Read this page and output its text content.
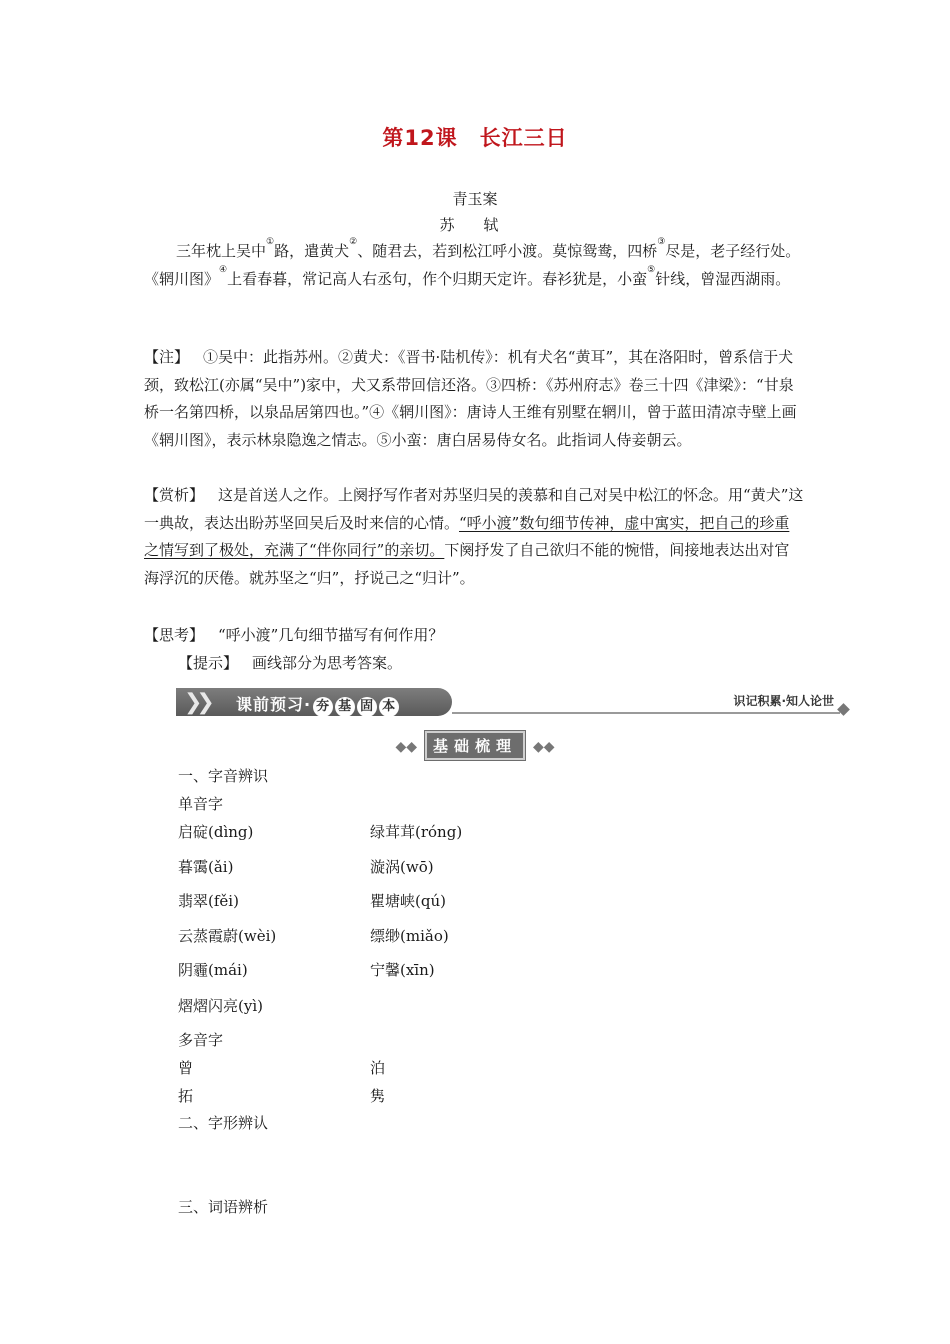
第12课 长江三日
青玉案
苏 轼
三年枕上吴中①路，遣黄犬②、随君去，若到松江呼小渡。莫惊鸳鸯，四桥③尽是，老子经行处。《辋川图》④上看春暮，常记高人右丞句，作个归期天定许。春衫犹是，小蛮⑤针线，曾湿西湖雨。
【注】 ①吴中：此指苏州。②黄犬：《晋书·陆机传》：机有犬名“黄耳”，其在洛阳时，曾系信于犬颈，致松江(亦属“吴中”)家中，犬又系带回信还洛。③四桥：《苏州府志》卷三十四《津梁》：“甘泉桥一名第四桥，以泉品居第四也。”④《辋川图》：唐诗人王维有别墅在辋川，曾于蓝田清凉寺壁上画《辋川图》，表示林泉隐逸之情志。⑤小蛮：唐白居易侍女名。此指词人侍妾朝云。
【赏析】 这是首送人之作。上阕抒写作者对苏坚归吴的羡慕和自己对吴中松江的怀念。用“黄犬”这一典故，表达出盼苏坚回吴后及时来信的心情。“呼小渡”数句细节传神，虚中寓实，把自己的珍重之情写到了极处，充满了“伴你同行”的亲切。下阕抒发了自己欲归不能的惋惜，间接地表达出对官海浮沉的厌倦。就苏坚之“归”，抒说己之“归计”。
【思考】 “呼小渡”几句细节描写有何作用？
【提示】 画线部分为思考答案。
❯❯ 课前预习· 夯 基 固 本	识记积累·知人论世
◆◆ 基础梳理 ◆◆
一、字音辨识
单音字
启碇(dìng)	绿茸茸(róng)
暮霭(ǎi)	漩涡(wō)
翡翠(fěi)	瞿塘峡(qú)
云蒸霞蔚(wèi)	缥缈(miǎo)
阴霾(mái)	宁馨(xīn)
熠熠闪亮(yì)
多音字
曾	泊
拓	隽
二、字形辨认
三、词语辨析
